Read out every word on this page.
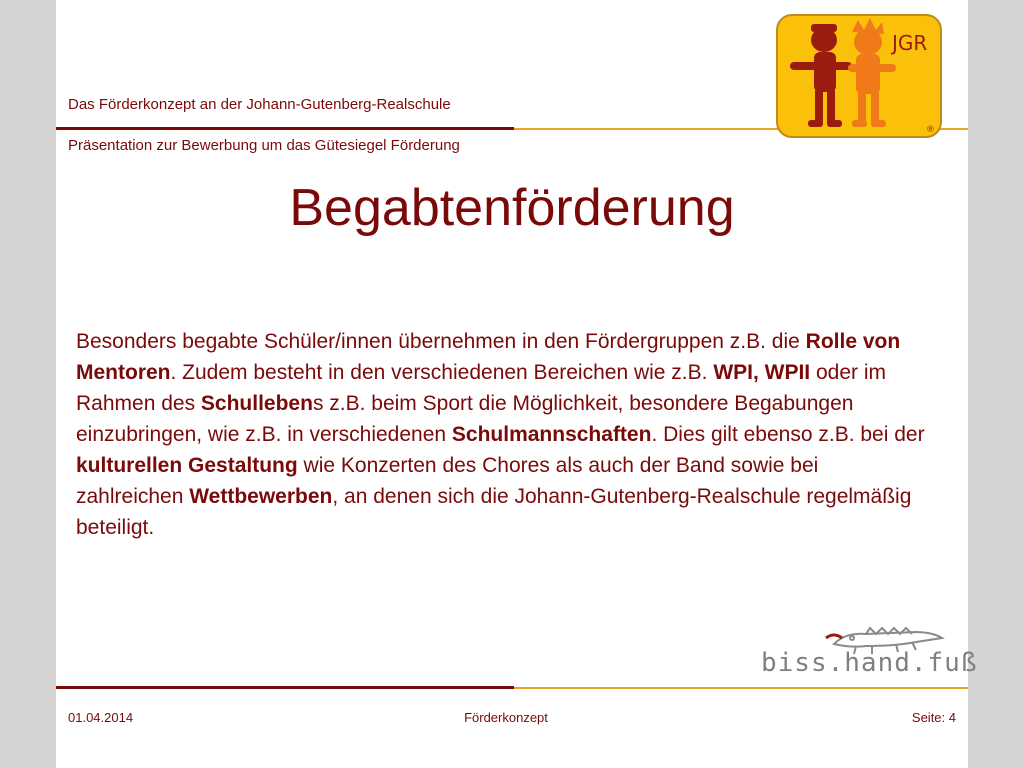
Das Förderkonzept an der Johann-Gutenberg-Realschule
Präsentation zur Bewerbung um das Gütesiegel Förderung
JGR
®
Begabtenförderung
Besonders begabte Schüler/innen übernehmen in den Fördergruppen z.B. die Rolle von Mentoren. Zudem besteht in den verschiedenen Bereichen wie z.B. WPI, WPII oder im Rahmen des Schullebens z.B. beim Sport die Möglichkeit, besondere Begabungen einzubringen, wie z.B. in verschiedenen Schulmannschaften. Dies gilt ebenso z.B. bei der kulturellen Gestaltung wie Konzerten des Chores als auch der Band sowie bei zahlreichen Wettbewerben, an denen sich die Johann-Gutenberg-Realschule regelmäßig beteiligt.
biss.hand.fuß
01.04.2014	Förderkonzept	Seite: 4
